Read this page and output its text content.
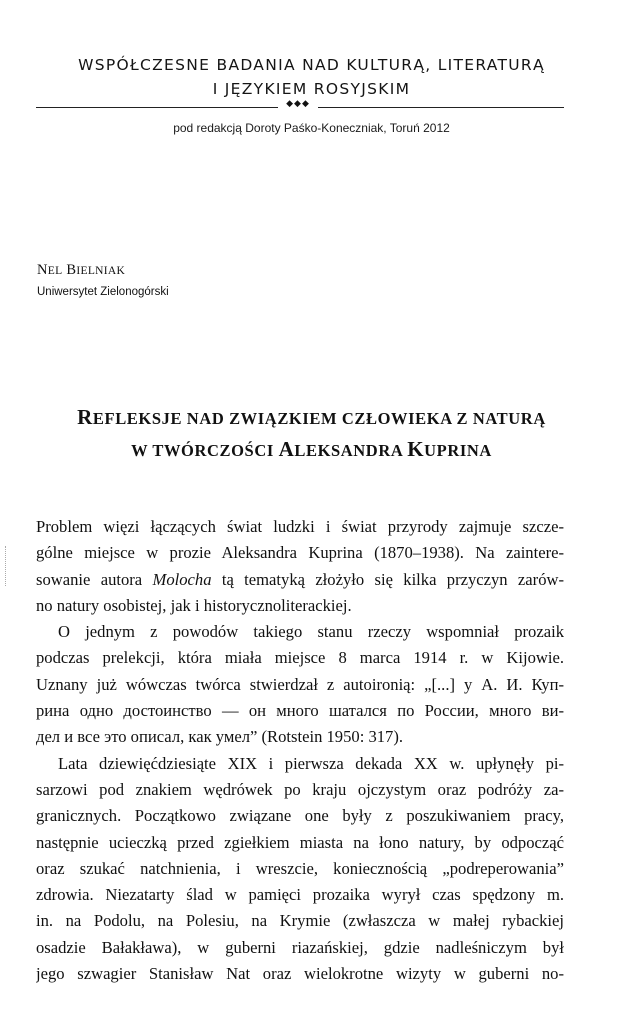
WSPÓŁCZESNE BADANIA NAD KULTURĄ, LITERATURĄ
I JĘZYKIEM ROSYJSKIM
◆◆◆
pod redakcją Doroty Paśko-Koneczniak, Toruń 2012
NEL BIELNIAK
Uniwersytet Zielonogórski
REFLEKSJE NAD ZWIĄZKIEM CZŁOWIEKA Z NATURĄ
W TWÓRCZOŚCI ALEKSANDRA KUPRINA
Problem więzi łączących świat ludzki i świat przyrody zajmuje szcze-
gólne miejsce w prozie Aleksandra Kuprina (1870–1938). Na zaintere-
sowanie autora Molocha tą tematyką złożyło się kilka przyczyn zarów-
no natury osobistej, jak i historycznoliterackiej.
O jednym z powodów takiego stanu rzeczy wspomniał prozaik
podczas prelekcji, która miała miejsce 8 marca 1914 r. w Kijowie.
Uznany już wówczas twórca stwierdzał z autoironią: „[...] у А. И. Куп-
рина одно достоинство — он много шатался по России, много ви-
дел и все это описал, как умел” (Rotstein 1950: 317).
Lata dziewięćdziesiąte XIX i pierwsza dekada XX w. upłynęły pi-
sarzowi pod znakiem wędrówek po kraju ojczystym oraz podróży za-
granicznych. Początkowo związane one były z poszukiwaniem pracy,
następnie ucieczką przed zgiełkiem miasta na łono natury, by odpocząć
oraz szukać natchnienia, i wreszcie, koniecznością „podreperowania”
zdrowia. Niezatarty ślad w pamięci prozaika wyrył czas spędzony m.
in. na Podolu, na Polesiu, na Krymie (zwłaszcza w małej rybackiej
osadzie Bałakława), w guberni riazańskiej, gdzie nadleśniczym był
jego szwagier Stanisław Nat oraz wielokrotne wizyty w guberni no-
